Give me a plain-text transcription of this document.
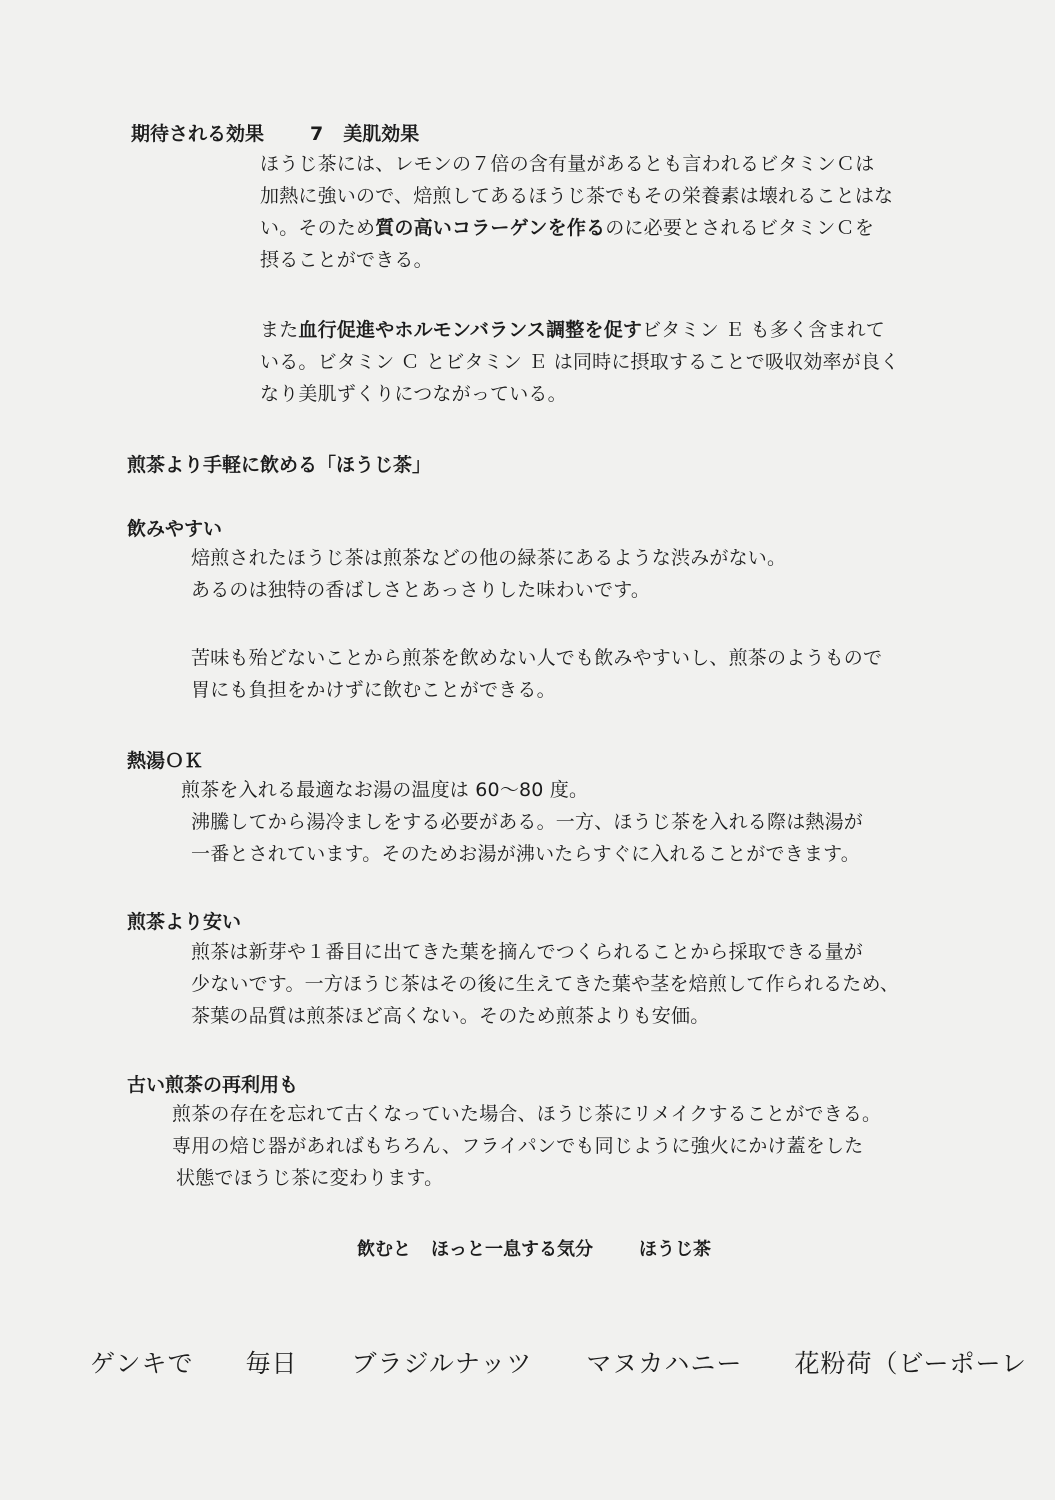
期待される効果 7 美肌効果
ほうじ茶には、レモンの７倍の含有量があるとも言われるビタミンＣは
加熱に強いので、焙煎してあるほうじ茶でもその栄養素は壊れることはな
い。そのため質の高いコラーゲンを作るのに必要とされるビタミンＣを
摂ることができる。
また血行促進やホルモンバランス調整を促すビタミン Ｅ も多く含まれて
いる。ビタミン Ｃ とビタミン Ｅ は同時に摂取することで吸収効率が良く
なり美肌ずくりにつながっている。
煎茶より手軽に飲める「ほうじ茶」
飲みやすい
焙煎されたほうじ茶は煎茶などの他の緑茶にあるような渋みがない。
あるのは独特の香ばしさとあっさりした味わいです。
苦味も殆どないことから煎茶を飲めない人でも飲みやすいし、煎茶のようもので
胃にも負担をかけずに飲むことができる。
熱湯ＯＫ
煎茶を入れる最適なお湯の温度は 60～80 度。
沸騰してから湯冷ましをする必要がある。一方、ほうじ茶を入れる際は熱湯が
一番とされています。そのためお湯が沸いたらすぐに入れることができます。
煎茶より安い
煎茶は新芽や１番目に出てきた葉を摘んでつくられることから採取できる量が
少ないです。一方ほうじ茶はその後に生えてきた葉や茎を焙煎して作られるため、
茶葉の品質は煎茶ほど高くない。そのため煎茶よりも安価。
古い煎茶の再利用も
煎茶の存在を忘れて古くなっていた場合、ほうじ茶にリメイクすることができる。
専用の焙じ器があればもちろん、フライパンでも同じように強火にかけ蓋をした
状態でほうじ茶に変わります。

飲むと ほっと一息する気分	ほうじ茶

ゲンキで 毎日 ブラジルナッツ マヌカハニー 花粉荷（ビーポーレ
